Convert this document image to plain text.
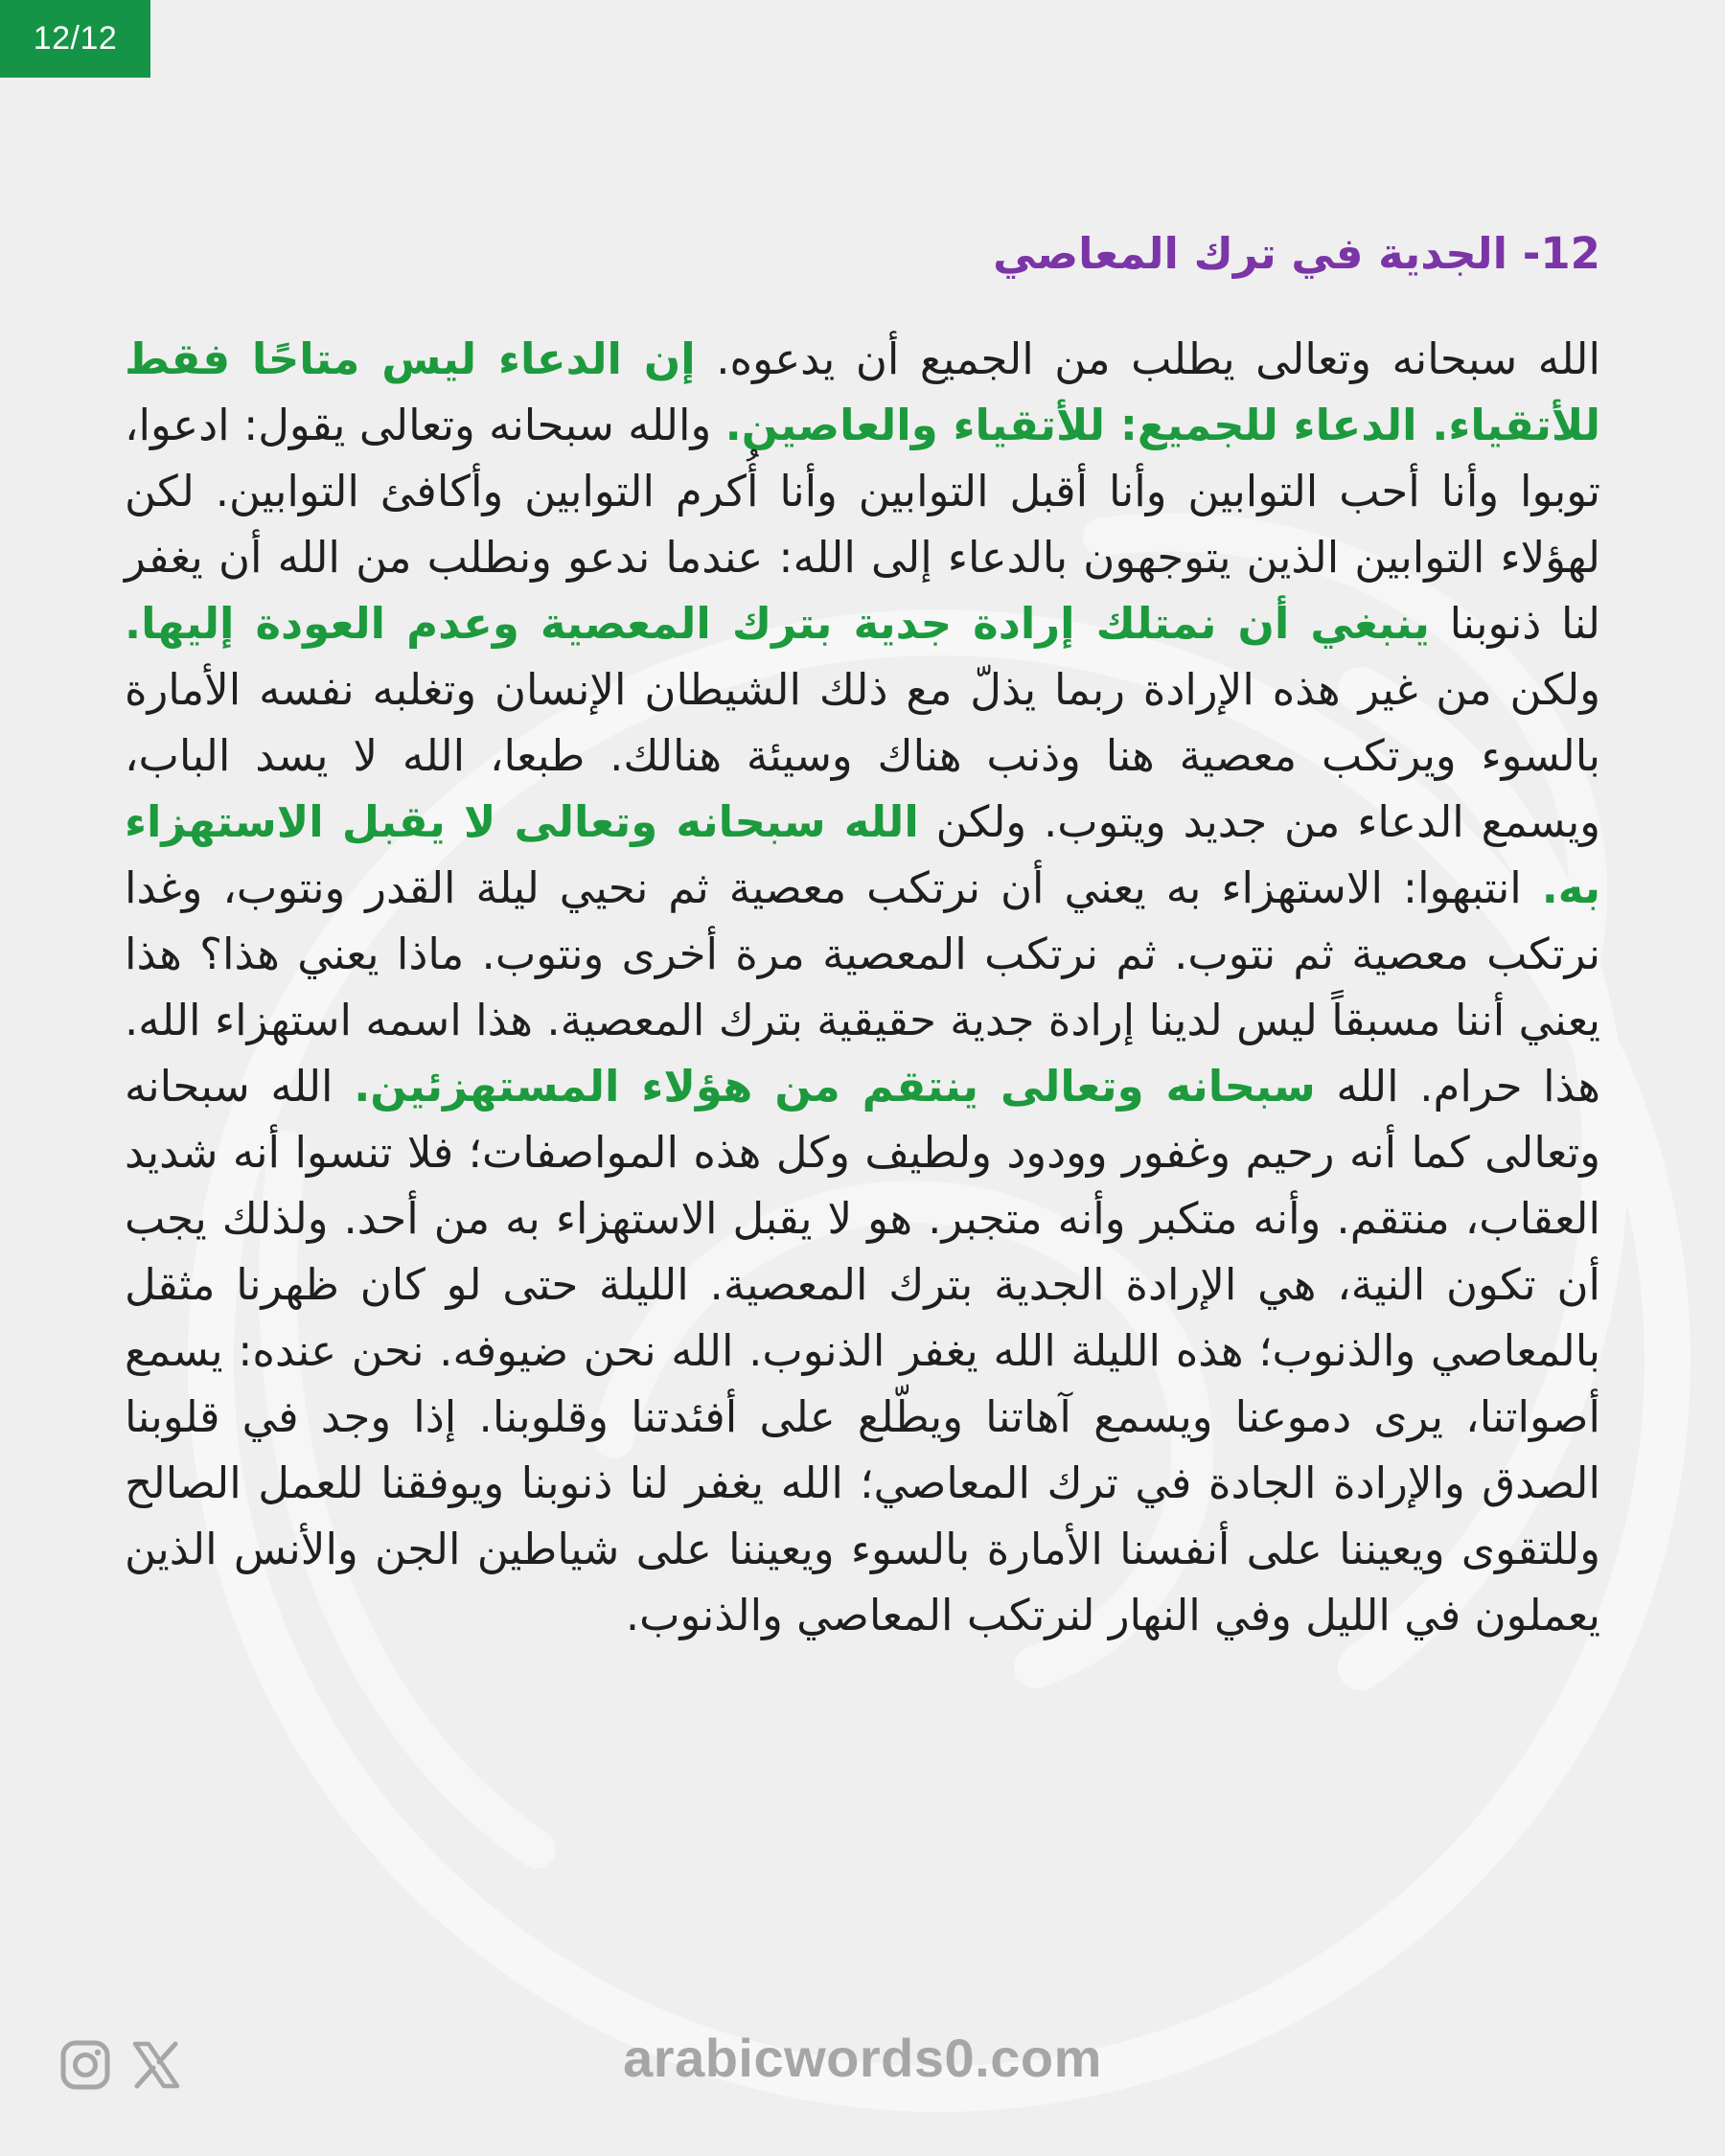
12/12
12- الجدية في ترك المعاصي

الله سبحانه وتعالى يطلب من الجميع أن يدعوه. إن الدعاء ليس متاحًا فقط للأتقياء. الدعاء للجميع: للأتقياء والعاصين. والله سبحانه وتعالى يقول: ادعوا، توبوا وأنا أحب التوابين وأنا أقبل التوابين وأنا أُكرم التوابين وأكافئ التوابين. لكن لهؤلاء التوابين الذين يتوجهون بالدعاء إلى الله: عندما ندعو ونطلب من الله أن يغفر لنا ذنوبنا ينبغي أن نمتلك إرادة جدية بترك المعصية وعدم العودة إليها. ولكن من غير هذه الإرادة ربما يذلّ مع ذلك الشيطان الإنسان وتغلبه نفسه الأمارة بالسوء ويرتكب معصية هنا وذنب هناك وسيئة هنالك. طبعا، الله لا يسد الباب، ويسمع الدعاء من جديد ويتوب. ولكن الله سبحانه وتعالى لا يقبل الاستهزاء به. انتبهوا: الاستهزاء به يعني أن نرتكب معصية ثم نحيي ليلة القدر ونتوب، وغدا نرتكب معصية ثم نتوب. ثم نرتكب المعصية مرة أخرى ونتوب. ماذا يعني هذا؟ هذا يعني أننا مسبقاً ليس لدينا إرادة جدية حقيقية بترك المعصية. هذا اسمه استهزاء الله. هذا حرام. الله سبحانه وتعالى ينتقم من هؤلاء المستهزئين. الله سبحانه وتعالى كما أنه رحيم وغفور وودود ولطيف وكل هذه المواصفات؛ فلا تنسوا أنه شديد العقاب، منتقم. وأنه متكبر وأنه متجبر. هو لا يقبل الاستهزاء به من أحد. ولذلك يجب أن تكون النية، هي الإرادة الجدية بترك المعصية. الليلة حتى لو كان ظهرنا مثقل بالمعاصي والذنوب؛ هذه الليلة الله يغفر الذنوب. الله نحن ضيوفه. نحن عنده: يسمع أصواتنا، يرى دموعنا ويسمع آهاتنا ويطّلع على أفئدتنا وقلوبنا. إذا وجد في قلوبنا الصدق والإرادة الجادة في ترك المعاصي؛ الله يغفر لنا ذنوبنا ويوفقنا للعمل الصالح وللتقوى ويعيننا على أنفسنا الأمارة بالسوء ويعيننا على شياطين الجن والأنس الذين يعملون في الليل وفي النهار لنرتكب المعاصي والذنوب.

arabicwords0.com
